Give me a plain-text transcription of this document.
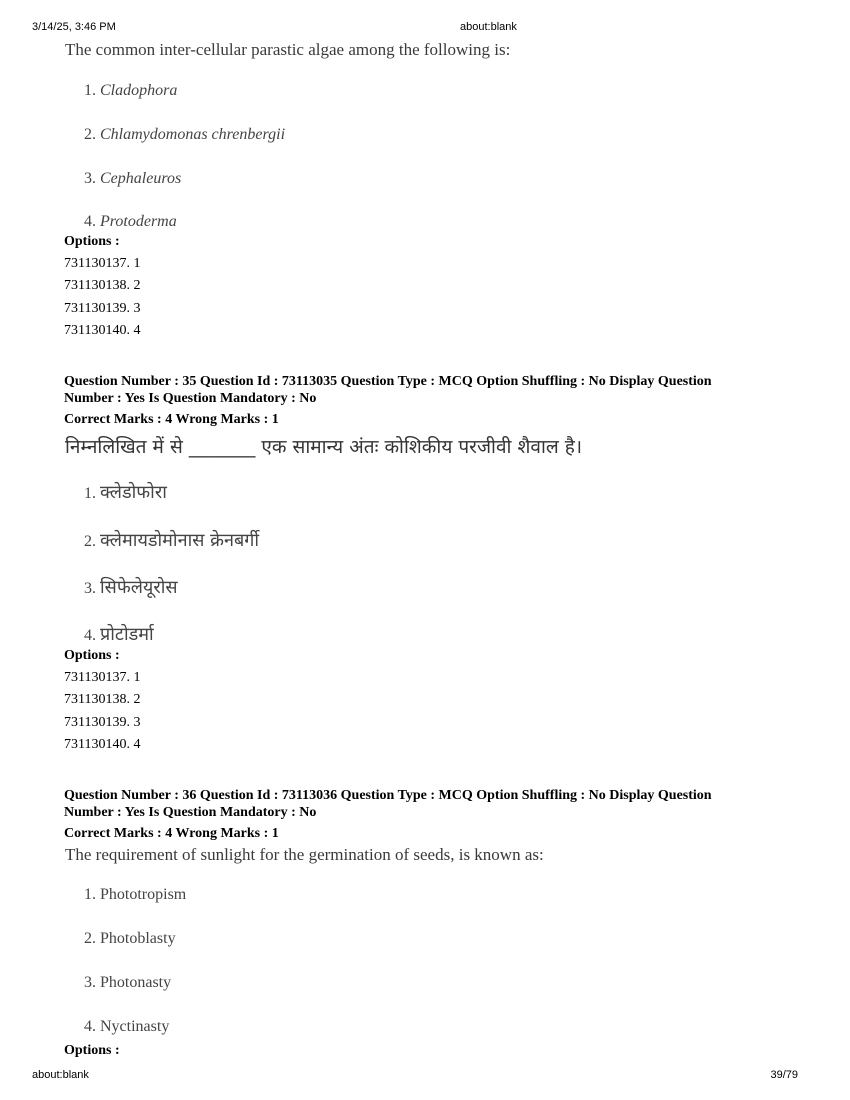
3/14/25, 3:46 PM	about:blank
about:blank	39/79
The common inter-cellular parastic algae among the following is:
1. Cladophora
2. Chlamydomonas chrenbergii
3. Cephaleuros
4. Protoderma
Options :
731130137. 1
731130138. 2
731130139. 3
731130140. 4
Question Number : 35 Question Id : 73113035 Question Type : MCQ Option Shuffling : No Display Question
Number : Yes Is Question Mandatory : No
Correct Marks : 4 Wrong Marks : 1
निम्नलिखित में से _______ एक सामान्य अंतः कोशिकीय परजीवी शैवाल है।
1. क्लेडोफोरा
2. क्लेमायडोमोनास क्रेनबर्गी
3. सिफेलेयूरोस
4. प्रोटोडर्मा
Options :
731130137. 1
731130138. 2
731130139. 3
731130140. 4
Question Number : 36 Question Id : 73113036 Question Type : MCQ Option Shuffling : No Display Question
Number : Yes Is Question Mandatory : No
Correct Marks : 4 Wrong Marks : 1
The requirement of sunlight for the germination of seeds, is known as:
1. Phototropism
2. Photoblasty
3. Photonasty
4. Nyctinasty
Options :
